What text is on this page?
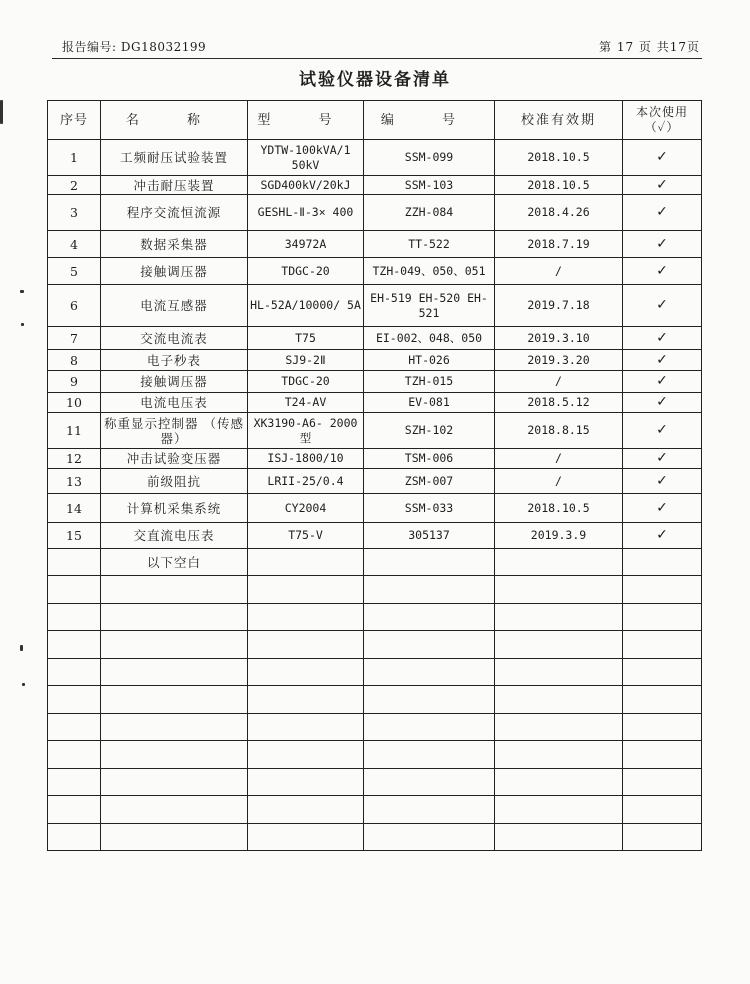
报告编号: DG18032199	第 17 页 共17页
试验仪器设备清单
序号	名 称	型 号	编 号	校准有效期	本次使用
（✓）

1	工频耐压试验装置	YDTW-100kVA/1 50kV	SSM-099	2018.10.5	✓
2	冲击耐压装置	SGD400kV/20kJ	SSM-103	2018.10.5	✓
3	程序交流恒流源	GESHL-Ⅱ-3× 400	ZZH-084	2018.4.26	✓
4	数据采集器	34972A	TT-522	2018.7.19	✓
5	接触调压器	TDGC-20	TZH-049、050、051	/	✓
6	电流互感器	HL-52A/10000/ 5A	EH-519 EH-520 EH-521	2019.7.18	✓
7	交流电流表	T75	EI-002、048、050	2019.3.10	✓
8	电子秒表	SJ9-2Ⅱ	HT-026	2019.3.20	✓
9	接触调压器	TDGC-20	TZH-015	/	✓
10	电流电压表	T24-AV	EV-081	2018.5.12	✓
11	称重显示控制器 （传感器）	XK3190-A6- 2000型	SZH-102	2018.8.15	✓
12	冲击试验变压器	ISJ-1800/10	TSM-006	/	✓
13	前级阻抗	LRII-25/0.4	ZSM-007	/	✓
14	计算机采集系统	CY2004	SSM-033	2018.10.5	✓
15	交直流电压表	T75-V	305137	2019.3.9	✓
	以下空白				
